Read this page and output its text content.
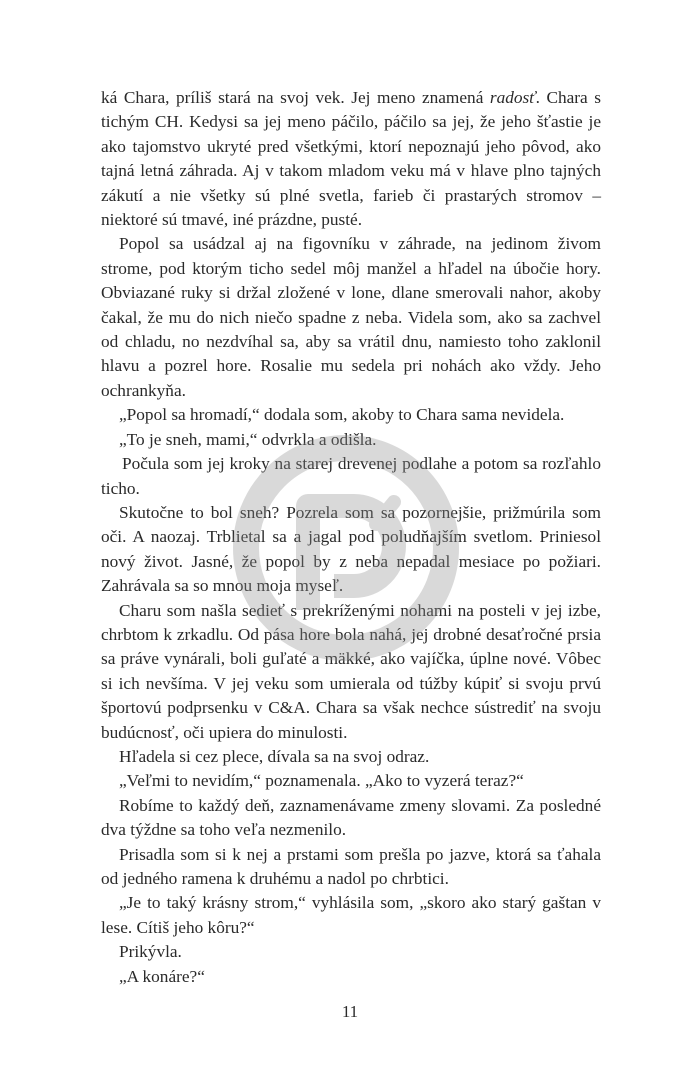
ká Chara, príliš stará na svoj vek. Jej meno znamená radosť. Chara s tichým CH. Kedysi sa jej meno páčilo, páčilo sa jej, že jeho šťastie je ako tajomstvo ukryté pred všetkými, ktorí nepoznajú jeho pôvod, ako tajná letná záhrada. Aj v takom mladom veku má v hlave plno tajných zákutí a nie všetky sú plné svetla, farieb či prastarých stromov – niektoré sú tmavé, iné prázdne, pusté.

Popol sa usádzal aj na figovníku v záhrade, na jedinom živom strome, pod ktorým ticho sedel môj manžel a hľadel na úbočie hory. Obviazané ruky si držal zložené v lone, dlane smerovali nahor, akoby čakal, že mu do nich niečo spadne z neba. Videla som, ako sa zachvel od chladu, no nezdvíhal sa, aby sa vrátil dnu, namiesto toho zaklonil hlavu a pozrel hore. Rosalie mu sedela pri nohách ako vždy. Jeho ochrankyňa.

„Popol sa hromadí,“ dodala som, akoby to Chara sama nevidela.

„To je sneh, mami,“ odvrkla a odišla.

Počula som jej kroky na starej drevenej podlahe a potom sa rozľahlo ticho.

Skutočne to bol sneh? Pozrela som sa pozornejšie, prižmúrila som oči. A naozaj. Trblietal sa a jagal pod poludňajším svetlom. Priniesol nový život. Jasné, že popol by z neba nepadal mesiace po požiari. Zahrávala sa so mnou moja myseľ.

Charu som našla sedieť s prekríženými nohami na posteli v jej izbe, chrbtom k zrkadlu. Od pása hore bola nahá, jej drobné desaťročné prsia sa práve vynárali, boli guľaté a mäkké, ako vajíčka, úplne nové. Vôbec si ich nevšíma. V jej veku som umierala od túžby kúpiť si svoju prvú športovú podprsenku v C&A. Chara sa však nechce sústrediť na svoju budúcnosť, oči upiera do minulosti.

Hľadela si cez plece, dívala sa na svoj odraz.

„Veľmi to nevidím,“ poznamenala. „Ako to vyzerá teraz?“

Robíme to každý deň, zaznamenávame zmeny slovami. Za posledné dva týždne sa toho veľa nezmenilo.

Prisadla som si k nej a prstami som prešla po jazve, ktorá sa ťahala od jedného ramena k druhému a nadol po chrbtici.

„Je to taký krásny strom,“ vyhlásila som, „skoro ako starý gaštan v lese. Cítiš jeho kôru?“

Prikývla.

„A konáre?“

11
